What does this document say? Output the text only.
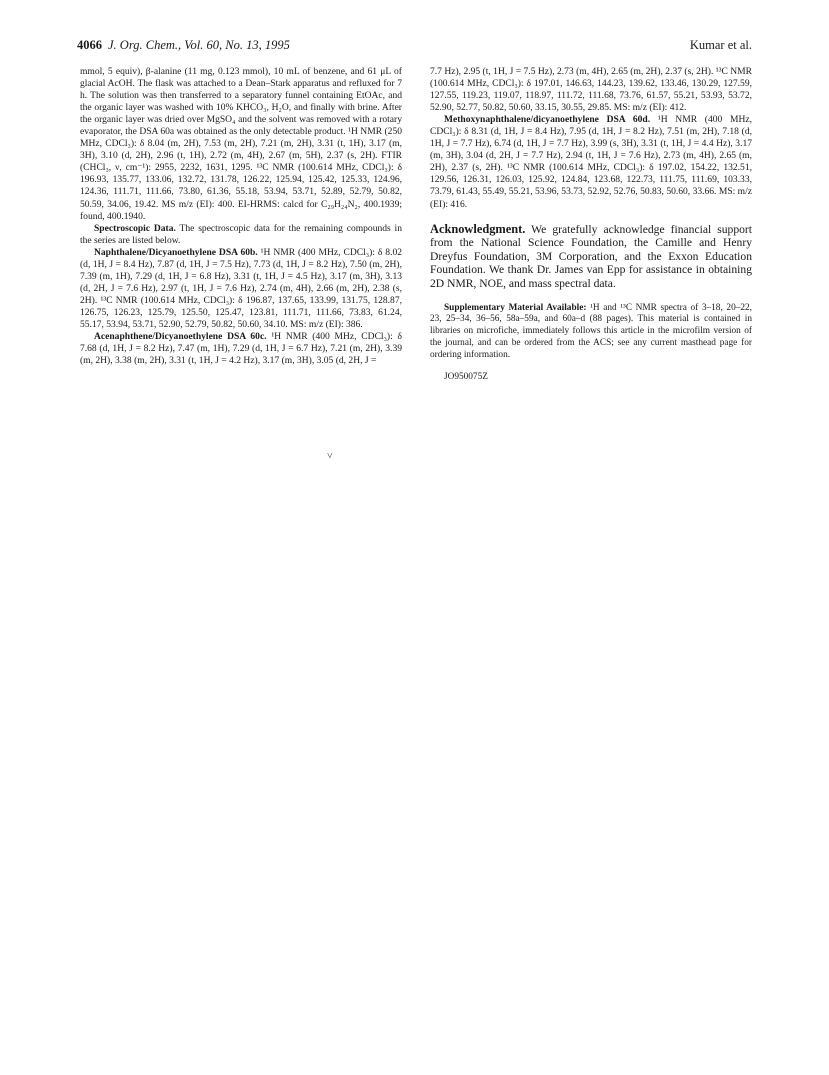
4066 J. Org. Chem., Vol. 60, No. 13, 1995	Kumar et al.

mmol, 5 equiv), β-alanine (11 mg, 0.123 mmol), 10 mL of benzene, and 61 μL of glacial AcOH. The flask was attached to a Dean–Stark apparatus and refluxed for 7 h. The solution was then transferred to a separatory funnel containing EtOAc, and the organic layer was washed with 10% KHCO₃, H₂O, and finally with brine. After the organic layer was dried over MgSO₄ and the solvent was removed with a rotary evaporator, the DSA 60a was obtained as the only detectable product. ¹H NMR (250 MHz, CDCl₃): δ 8.04 (m, 2H), 7.53 (m, 2H), 7.21 (m, 2H), 3.31 (t, 1H), 3.17 (m, 3H), 3.10 (d, 2H), 2.96 (t, 1H), 2.72 (m, 4H), 2.67 (m, 5H), 2.37 (s, 2H). FTIR (CHCl₃, ν, cm⁻¹): 2955, 2232, 1631, 1295. ¹³C NMR (100.614 MHz, CDCl₃): δ 196.93, 135.77, 133.06, 132.72, 131.78, 126.22, 125.94, 125.42, 125.33, 124.96, 124.36, 111.71, 111.66, 73.80, 61.36, 55.18, 53.94, 53.71, 52.89, 52.79, 50.82, 50.59, 34.06, 19.42. MS m/z (EI): 400. EI-HRMS: calcd for C₂₉H₂₄N₂, 400.1939; found, 400.1940.

Spectroscopic Data. The spectroscopic data for the remaining compounds in the series are listed below.

Naphthalene/Dicyanoethylene DSA 60b. ¹H NMR (400 MHz, CDCl₃): δ 8.02 (d, 1H, J = 8.4 Hz), 7.87 (d, 1H, J = 7.5 Hz), 7.73 (d, 1H, J = 8.2 Hz), 7.50 (m, 2H), 7.39 (m, 1H), 7.29 (d, 1H, J = 6.8 Hz), 3.31 (t, 1H, J = 4.5 Hz), 3.17 (m, 3H), 3.13 (d, 2H, J = 7.6 Hz), 2.97 (t, 1H, J = 7.6 Hz), 2.74 (m, 4H), 2.66 (m, 2H), 2.38 (s, 2H). ¹³C NMR (100.614 MHz, CDCl₃): δ 196.87, 137.65, 133.99, 131.75, 128.87, 126.75, 126.23, 125.79, 125.50, 125.47, 123.81, 111.71, 111.66, 73.83, 61.24, 55.17, 53.94, 53.71, 52.90, 52.79, 50.82, 50.60, 34.10. MS: m/z (EI): 386.

Acenaphthene/Dicyanoethylene DSA 60c. ¹H NMR (400 MHz, CDCl₃): δ 7.68 (d, 1H, J = 8.2 Hz), 7.47 (m, 1H), 7.29 (d, 1H, J = 6.7 Hz), 7.21 (m, 2H), 3.39 (m, 2H), 3.38 (m, 2H), 3.31 (t, 1H, J = 4.2 Hz), 3.17 (m, 3H), 3.05 (d, 2H, J =

˅

7.7 Hz), 2.95 (t, 1H, J = 7.5 Hz), 2.73 (m, 4H), 2.65 (m, 2H), 2.37 (s, 2H). ¹³C NMR (100.614 MHz, CDCl₃): δ 197.01, 146.63, 144.23, 139.62, 133.46, 130.29, 127.59, 127.55, 119.23, 119.07, 118.97, 111.72, 111.68, 73.76, 61.57, 55.21, 53.93, 53.72, 52.90, 52.77, 50.82, 50.60, 33.15, 30.55, 29.85. MS: m/z (EI): 412.

Methoxynaphthalene/dicyanoethylene DSA 60d. ¹H NMR (400 MHz, CDCl₃): δ 8.31 (d, 1H, J = 8.4 Hz), 7.95 (d, 1H, J = 8.2 Hz), 7.51 (m, 2H), 7.18 (d, 1H, J = 7.7 Hz), 6.74 (d, 1H, J = 7.7 Hz), 3.99 (s, 3H), 3.31 (t, 1H, J = 4.4 Hz), 3.17 (m, 3H), 3.04 (d, 2H, J = 7.7 Hz), 2.94 (t, 1H, J = 7.6 Hz), 2.73 (m, 4H), 2.65 (m, 2H), 2.37 (s, 2H). ¹³C NMR (100.614 MHz, CDCl₃): δ 197.02, 154.22, 132.51, 129.56, 126.31, 126.03, 125.92, 124.84, 123.68, 122.73, 111.75, 111.69, 103.33, 73.79, 61.43, 55.49, 55.21, 53.96, 53.73, 52.92, 52.76, 50.83, 50.60, 33.66. MS: m/z (EI): 416.

Acknowledgment. We gratefully acknowledge financial support from the National Science Foundation, the Camille and Henry Dreyfus Foundation, 3M Corporation, and the Exxon Education Foundation. We thank Dr. James van Epp for assistance in obtaining 2D NMR, NOE, and mass spectral data.

Supplementary Material Available: ¹H and ¹³C NMR spectra of 3–18, 20–22, 23, 25–34, 36–56, 58a–59a, and 60a–d (88 pages). This material is contained in libraries on microfiche, immediately follows this article in the microfilm version of the journal, and can be ordered from the ACS; see any current masthead page for ordering information.

JO950075Z
